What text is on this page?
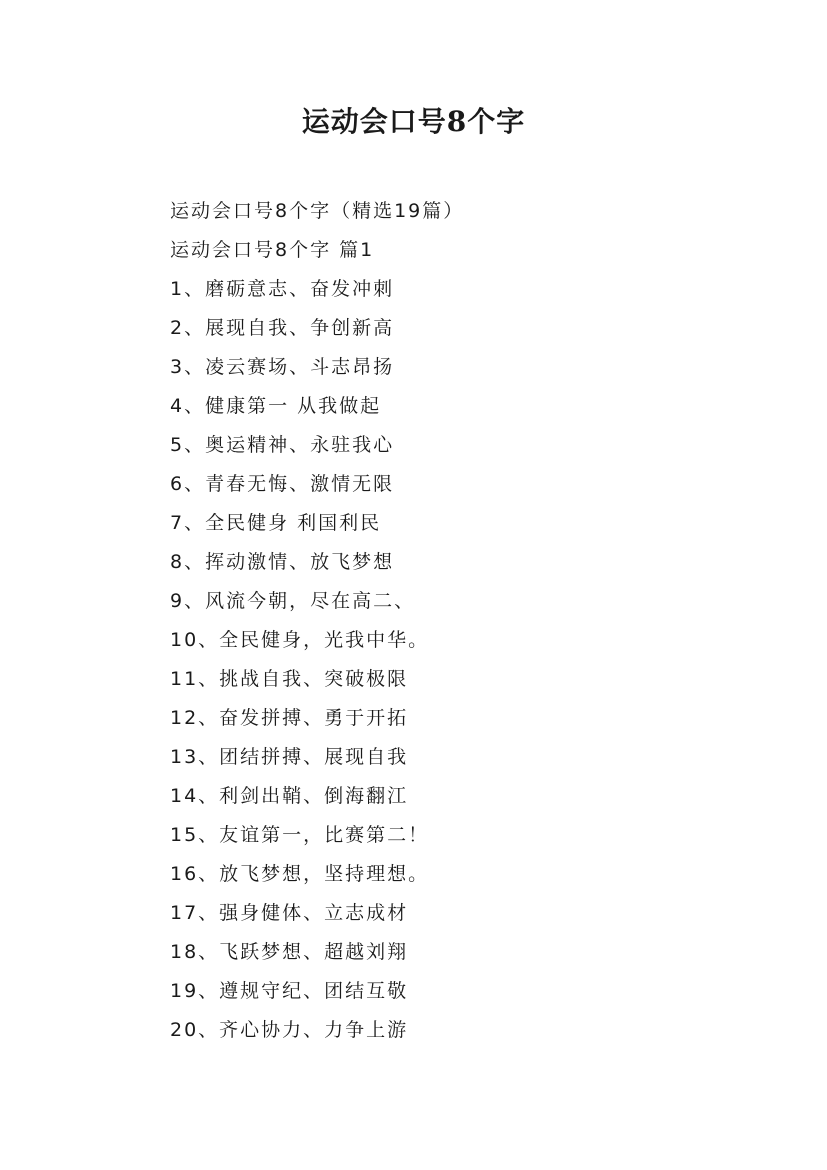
运动会口号8个字
运动会口号8个字（精选19篇）
运动会口号8个字 篇1
1、磨砺意志、奋发冲刺
2、展现自我、争创新高
3、凌云赛场、斗志昂扬
4、健康第一 从我做起
5、奥运精神、永驻我心
6、青春无悔、激情无限
7、全民健身 利国利民
8、挥动激情、放飞梦想
9、风流今朝，尽在高二、
10、全民健身，光我中华。
11、挑战自我、突破极限
12、奋发拼搏、勇于开拓
13、团结拼搏、展现自我
14、利剑出鞘、倒海翻江
15、友谊第一，比赛第二！
16、放飞梦想，坚持理想。
17、强身健体、立志成材
18、飞跃梦想、超越刘翔
19、遵规守纪、团结互敬
20、齐心协力、力争上游
